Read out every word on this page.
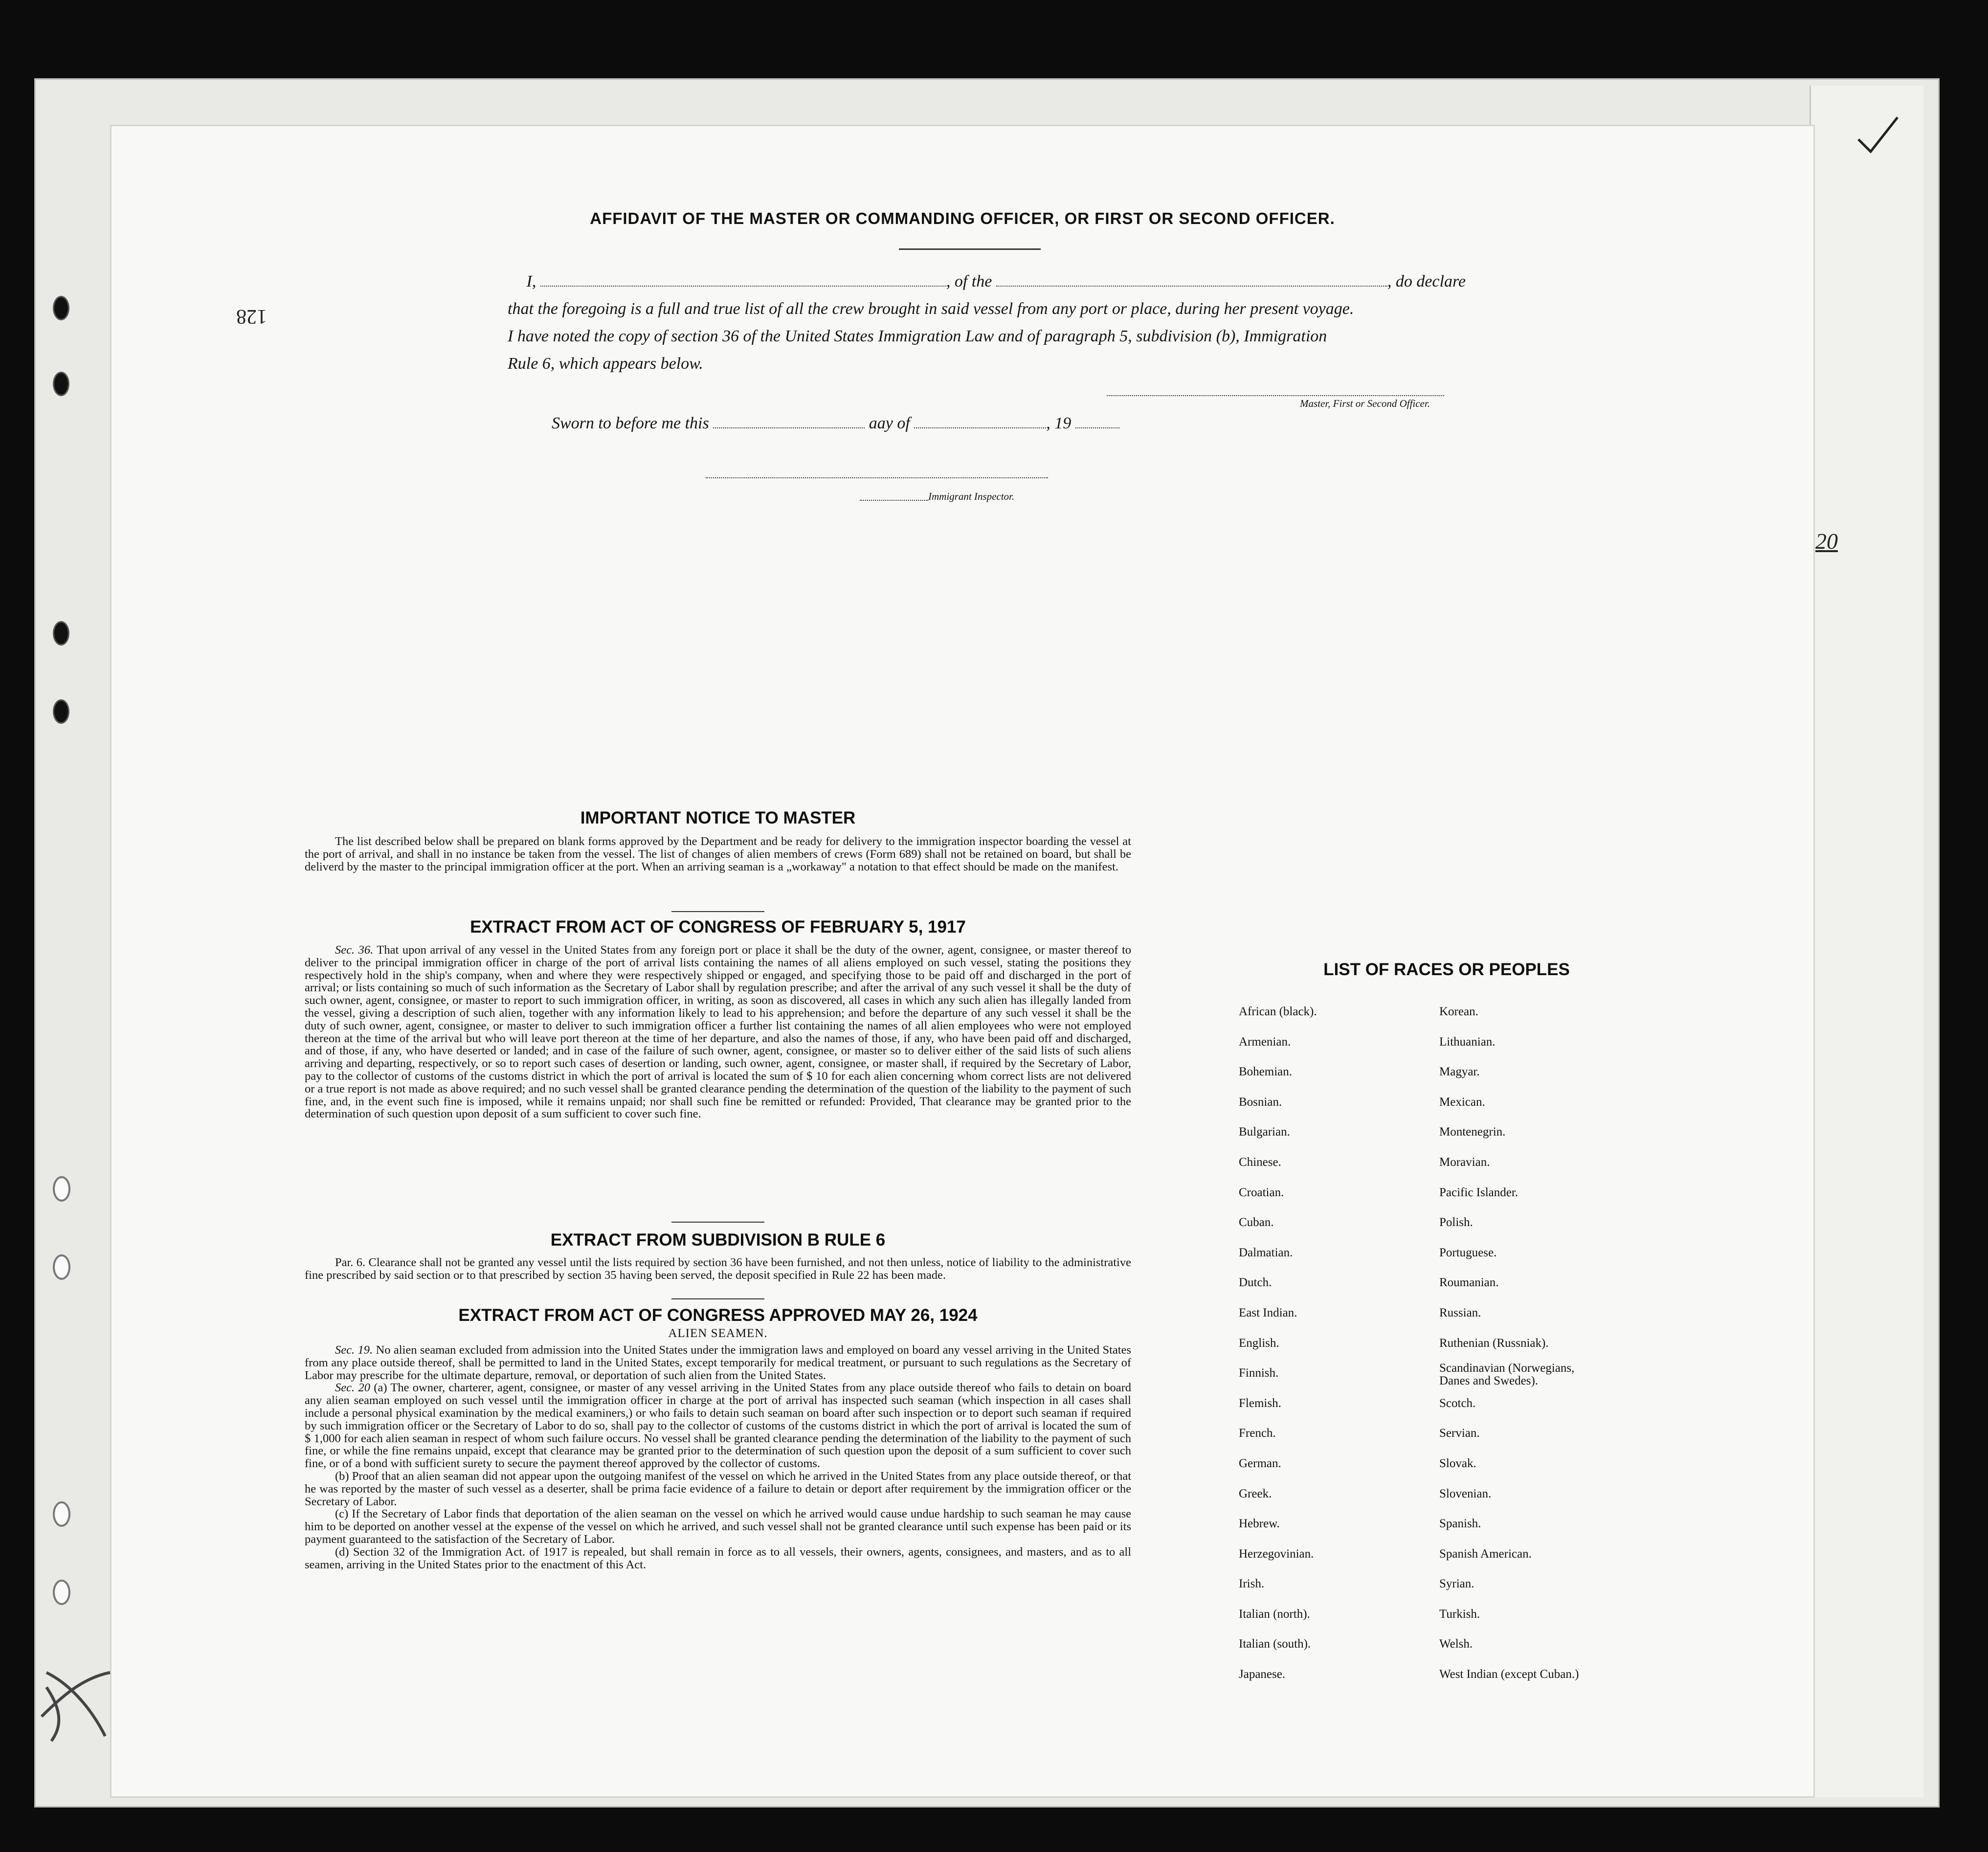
128
AFFIDAVIT OF THE MASTER OR COMMANDING OFFICER, OR FIRST OR SECOND OFFICER.
I,	, of the	, do declare
that the foregoing is a full and true list of all the crew brought in said vessel from any port or place, during her present voyage.
I have noted the copy of section 36 of the United States Immigration Law and of paragraph 5, subdivision (b), Immigration
Rule 6, which appears below.
Master, First or Second Officer.
Sworn to before me this	aay of	, 19
Immigrant Inspector.
IMPORTANT NOTICE TO MASTER
The list described below shall be prepared on blank forms approved by the Department and be ready for delivery to the immigration inspector boarding the vessel at the port of arrival, and shall in no instance be taken from the vessel. The list of changes of alien members of crews (Form 689) shall not be retained on board, but shall be deliverd by the master to the principal immigration officer at the port. When an arriving seaman is a „workaway" a notation to that effect should be made on the manifest.
EXTRACT FROM ACT OF CONGRESS OF FEBRUARY 5, 1917
Sec. 36. That upon arrival of any vessel in the United States from any foreign port or place it shall be the duty of the owner, agent, consignee, or master thereof to deliver to the principal immigration officer in charge of the port of arrival lists containing the names of all aliens employed on such vessel, stating the positions they respectively hold in the ship's company, when and where they were respectively shipped or engaged, and specifying those to be paid off and discharged in the port of arrival; or lists containing so much of such information as the Secretary of Labor shall by regulation prescribe; and after the arrival of any such vessel it shall be the duty of such owner, agent, consignee, or master to report to such immigration officer, in writing, as soon as discovered, all cases in which any such alien has illegally landed from the vessel, giving a description of such alien, together with any information likely to lead to his apprehension; and before the departure of any such vessel it shall be the duty of such owner, agent, consignee, or master to deliver to such immigration officer a further list containing the names of all alien employees who were not employed thereon at the time of the arrival but who will leave port thereon at the time of her departure, and also the names of those, if any, who have been paid off and discharged, and of those, if any, who have deserted or landed; and in case of the failure of such owner, agent, consignee, or master so to deliver either of the said lists of such aliens arriving and departing, respectively, or so to report such cases of desertion or landing, such owner, agent, consignee, or master shall, if required by the Secretary of Labor, pay to the collector of customs of the customs district in which the port of arrival is located the sum of $ 10 for each alien concerning whom correct lists are not delivered or a true report is not made as above required; and no such vessel shall be granted clearance pending the determination of the question of the liability to the payment of such fine, and, in the event such fine is imposed, while it remains unpaid; nor shall such fine be remitted or refunded: Provided, That clearance may be granted prior to the determination of such question upon deposit of a sum sufficient to cover such fine.
EXTRACT FROM SUBDIVISION B RULE 6
Par. 6. Clearance shall not be granted any vessel until the lists required by section 36 have been furnished, and not then unless, notice of liability to the administrative fine prescribed by said section or to that prescribed by section 35 having been served, the deposit specified in Rule 22 has been made.
EXTRACT FROM ACT OF CONGRESS APPROVED MAY 26, 1924
ALIEN SEAMEN.
Sec. 19. No alien seaman excluded from admission into the United States under the immigration laws and employed on board any vessel arriving in the United States from any place outside thereof, shall be permitted to land in the United States, except temporarily for medical treatment, or pursuant to such regulations as the Secretary of Labor may prescribe for the ultimate departure, removal, or deportation of such alien from the United States.
Sec. 20 (a) The owner, charterer, agent, consignee, or master of any vessel arriving in the United States from any place outside thereof who fails to detain on board any alien seaman employed on such vessel until the immigration officer in charge at the port of arrival has inspected such seaman (which inspection in all cases shall include a personal physical examination by the medical examiners,) or who fails to detain such seaman on board after such inspection or to deport such seaman if required by such immigration officer or the Secretary of Labor to do so, shall pay to the collector of customs of the customs district in which the port of arrival is located the sum of $ 1,000 for each alien seaman in respect of whom such failure occurs. No vessel shall be granted clearance pending the determination of the liability to the payment of such fine, or while the fine remains unpaid, except that clearance may be granted prior to the determination of such question upon the deposit of a sum sufficient to cover such fine, or of a bond with sufficient surety to secure the payment thereof approved by the collector of customs.
(b) Proof that an alien seaman did not appear upon the outgoing manifest of the vessel on which he arrived in the United States from any place outside thereof, or that he was reported by the master of such vessel as a deserter, shall be prima facie evidence of a failure to detain or deport after requirement by the immigration officer or the Secretary of Labor.
(c) If the Secretary of Labor finds that deportation of the alien seaman on the vessel on which he arrived would cause undue hardship to such seaman he may cause him to be deported on another vessel at the expense of the vessel on which he arrived, and such vessel shall not be granted clearance until such expense has been paid or its payment guaranteed to the satisfaction of the Secretary of Labor.
(d) Section 32 of the Immigration Act. of 1917 is repealed, but shall remain in force as to all vessels, their owners, agents, consignees, and masters, and as to all seamen, arriving in the United States prior to the enactment of this Act.
LIST OF RACES OR PEOPLES
African (black).
Armenian.
Bohemian.
Bosnian.
Bulgarian.
Chinese.
Croatian.
Cuban.
Dalmatian.
Dutch.
East Indian.
English.
Finnish.
Flemish.
French.
German.
Greek.
Hebrew.
Herzegovinian.
Irish.
Italian (north).
Italian (south).
Japanese.
Korean.
Lithuanian.
Magyar.
Mexican.
Montenegrin.
Moravian.
Pacific Islander.
Polish.
Portuguese.
Roumanian.
Russian.
Ruthenian (Russniak).
Scandinavian (Norwegians, Danes and Swedes).
Scotch.
Servian.
Slovak.
Slovenian.
Spanish.
Spanish American.
Syrian.
Turkish.
Welsh.
West Indian (except Cuban.)
20
